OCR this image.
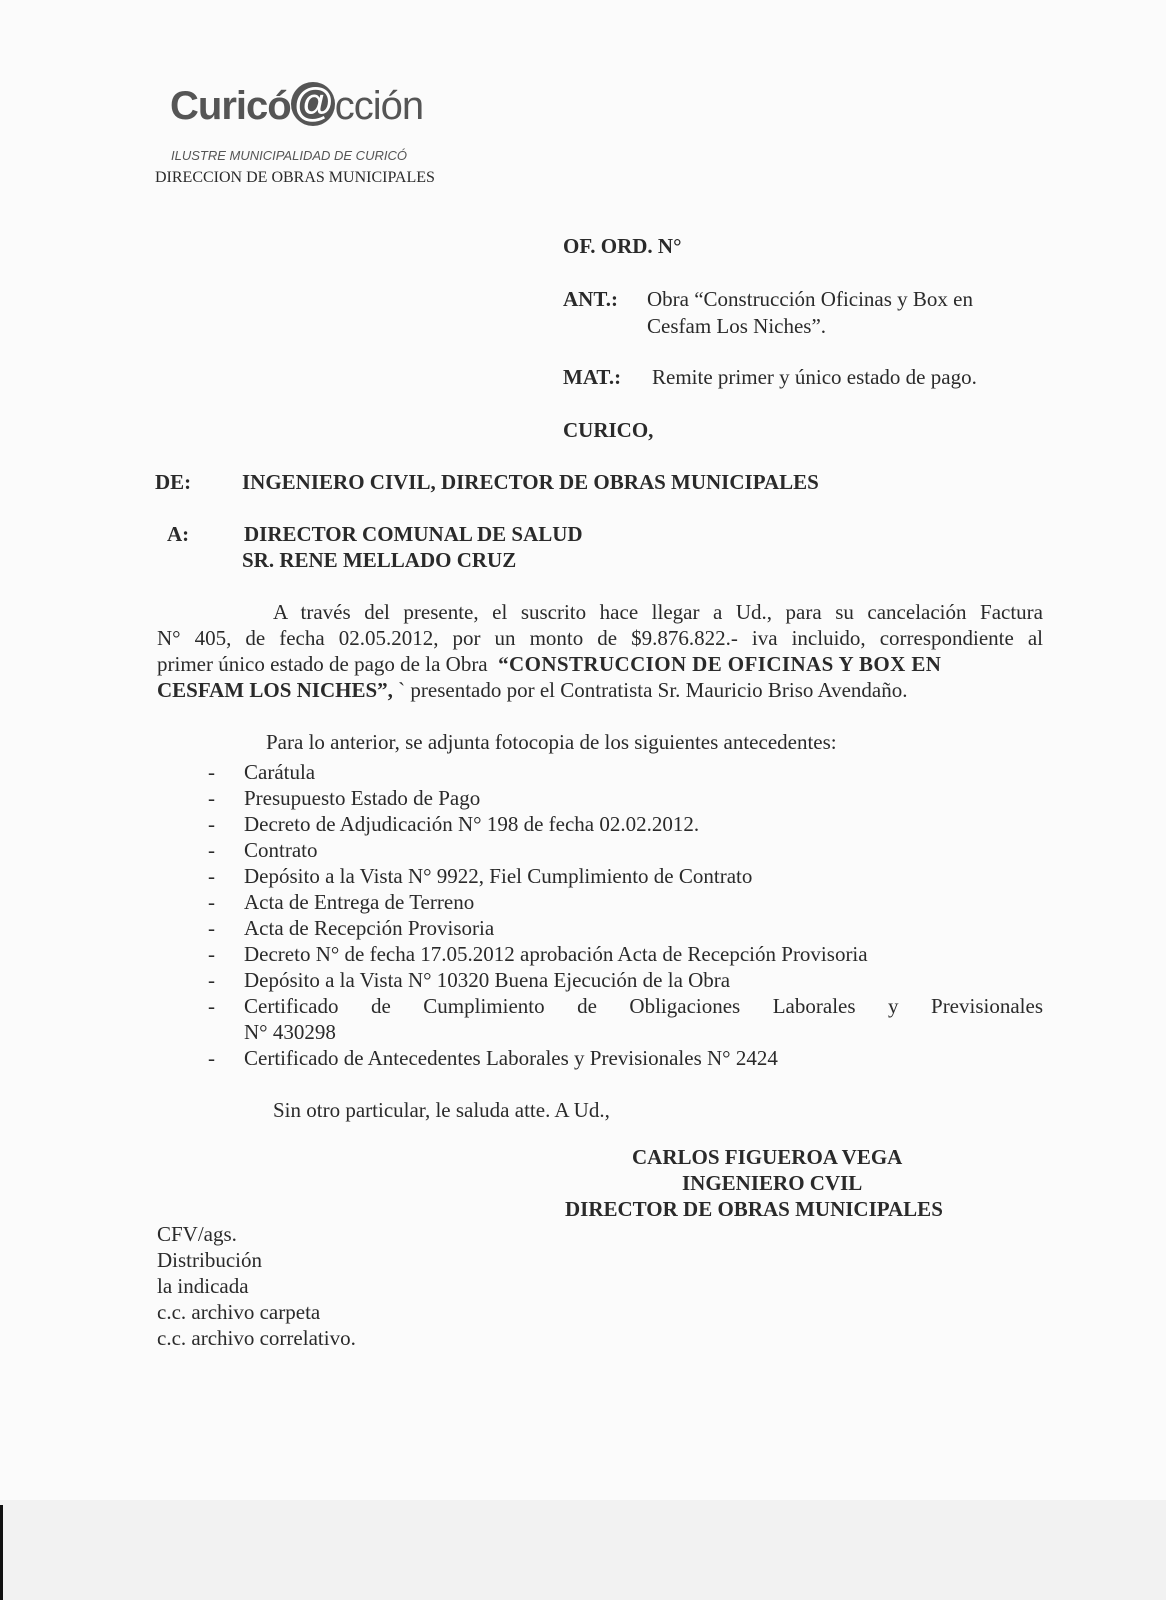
Curicó@cción
ILUSTRE MUNICIPALIDAD DE CURICÓ
DIRECCION DE OBRAS MUNICIPALES
OF. ORD. N°
ANT.: Obra “Construcción Oficinas y Box en
Cesfam Los Niches”.
MAT.: Remite primer y único estado de pago.
CURICO,
DE: INGENIERO CIVIL, DIRECTOR DE OBRAS MUNICIPALES
A:	DIRECTOR COMUNAL DE SALUD
SR. RENE MELLADO CRUZ
A través del presente, el suscrito hace llegar a Ud., para su cancelación Factura
N° 405, de fecha 02.05.2012, por un monto de $9.876.822.- iva incluido, correspondiente al
primer único estado de pago de la Obra “CONSTRUCCION DE OFICINAS Y BOX EN
CESFAM LOS NICHES”, ` presentado por el Contratista Sr. Mauricio Briso Avendaño.
Para lo anterior, se adjunta fotocopia de los siguientes antecedentes:
- Carátula
- Presupuesto Estado de Pago
- Decreto de Adjudicación N° 198 de fecha 02.02.2012.
- Contrato
- Depósito a la Vista N° 9922, Fiel Cumplimiento de Contrato
- Acta de Entrega de Terreno
- Acta de Recepción Provisoria
- Decreto N° de fecha 17.05.2012 aprobación Acta de Recepción Provisoria
- Depósito a la Vista N° 10320 Buena Ejecución de la Obra
- Certificado de Cumplimiento de Obligaciones Laborales y Previsionales
- Certificado de Antecedentes Laborales y Previsionales N° 2424
N° 430298
Sin otro particular, le saluda atte. A Ud.,
CARLOS FIGUEROA VEGA
INGENIERO CVIL
DIRECTOR DE OBRAS MUNICIPALES
CFV/ags.
Distribución
la indicada
c.c. archivo carpeta
c.c. archivo correlativo.
